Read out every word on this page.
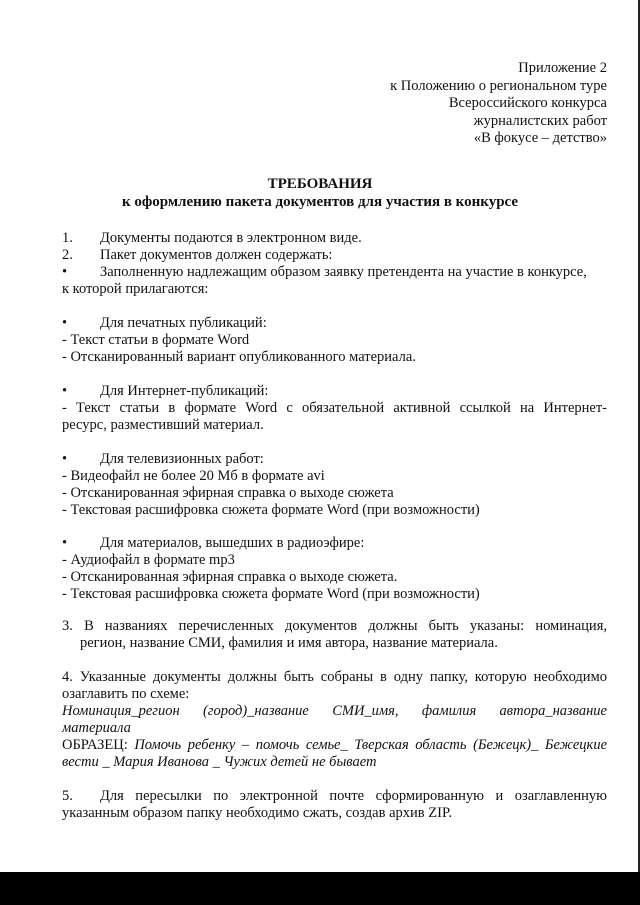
Приложение 2
к Положению о региональном туре
Всероссийского конкурса
журналистских работ
«В фокусе – детство»
ТРЕБОВАНИЯ
к оформлению пакета документов для участия в конкурсе
1. Документы подаются в электронном виде.
2. Пакет документов должен содержать:
• Заполненную надлежащим образом заявку претендента на участие в конкурсе,
к которой прилагаются:
• Для печатных публикаций:
- Текст статьи в формате Word
- Отсканированный вариант опубликованного материала.
• Для Интернет-публикаций:
- Текст статьи в формате Word с обязательной активной ссылкой на Интернет-
ресурс, разместивший материал.
• Для телевизионных работ:
- Видеофайл не более 20 Мб в формате avi
- Отсканированная эфирная справка о выходе сюжета
- Текстовая расшифровка сюжета формате Word (при возможности)
• Для материалов, вышедших в радиоэфире:
- Аудиофайл в формате mp3
- Отсканированная эфирная справка о выходе сюжета.
- Текстовая расшифровка сюжета формате Word (при возможности)
3. В названиях перечисленных документов должны быть указаны: номинация,
регион, название СМИ, фамилия и имя автора, название материала.
4. Указанные документы должны быть собраны в одну папку, которую необходимо
озаглавить по схеме:
Номинация_регион (город)_название СМИ_имя, фамилия автора_название
материала
ОБРАЗЕЦ: Помочь ребенку – помочь семье_ Тверская область (Бежецк)_ Бежецкие
вести _ Мария Иванова _ Чужих детей не бывает
5. Для пересылки по электронной почте сформированную и озаглавленную
указанным образом папку необходимо сжать, создав архив ZIP.
